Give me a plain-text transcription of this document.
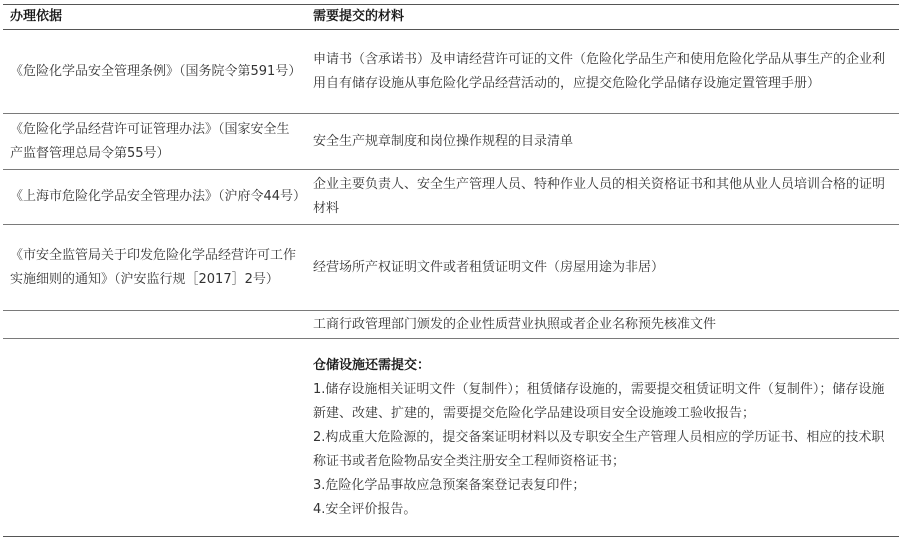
办理依据	需要提交的材料
《危险化学品安全管理条例》（国务院令第591号）	申请书（含承诺书）及申请经营许可证的文件（危险化学品生产和使用危险化学品从事生产的企业利用自有储存设施从事危险化学品经营活动的，应提交危险化学品储存设施定置管理手册）
《危险化学品经营许可证管理办法》（国家安全生产监督管理总局令第55号）	安全生产规章制度和岗位操作规程的目录清单
《上海市危险化学品安全管理办法》（沪府令44号）	企业主要负责人、安全生产管理人员、特种作业人员的相关资格证书和其他从业人员培训合格的证明材料
《市安全监管局关于印发危险化学品经营许可工作实施细则的通知》（沪安监行规［2017］2号）	经营场所产权证明文件或者租赁证明文件（房屋用途为非居）
	工商行政管理部门颁发的企业性质营业执照或者企业名称预先核准文件

	仓储设施还需提交：
1.储存设施相关证明文件（复制件）；租赁储存设施的，需要提交租赁证明文件（复制件）；储存设施新建、改建、扩建的，需要提交危险化学品建设项目安全设施竣工验收报告；
2.构成重大危险源的，提交备案证明材料以及专职安全生产管理人员相应的学历证书、相应的技术职称证书或者危险物品安全类注册安全工程师资格证书；
3.危险化学品事故应急预案备案登记表复印件；
4.安全评价报告。
